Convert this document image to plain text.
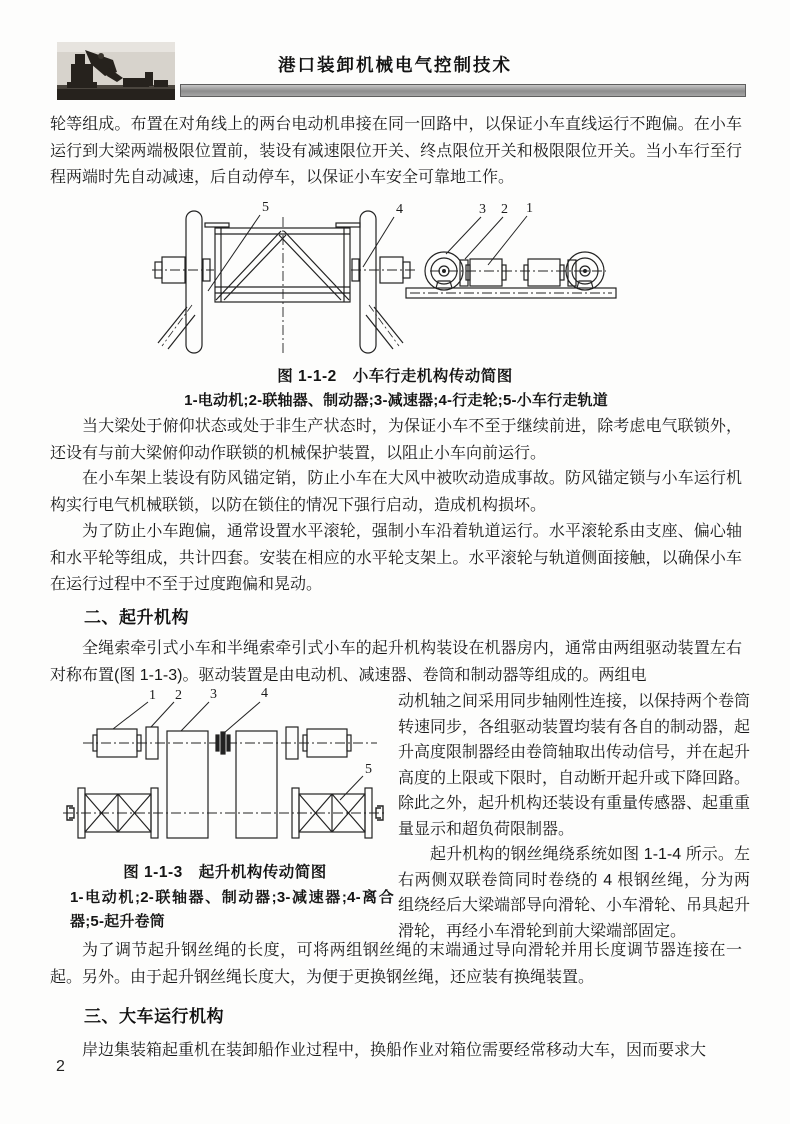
港口装卸机械电气控制技术
轮等组成。布置在对角线上的两台电动机串接在同一回路中，以保证小车直线运行不跑偏。在小车运行到大梁两端极限位置前，装设有减速限位开关、终点限位开关和极限限位开关。当小车行至行程两端时先自动减速，后自动停车，以保证小车安全可靠地工作。
5	4	3 2 1
图 1-1-2　小车行走机构传动简图
1-电动机;2-联轴器、制动器;3-减速器;4-行走轮;5-小车行走轨道
当大梁处于俯仰状态或处于非生产状态时，为保证小车不至于继续前进，除考虑电气联锁外，还设有与前大梁俯仰动作联锁的机械保护装置，以阻止小车向前运行。
在小车架上装设有防风锚定销，防止小车在大风中被吹动造成事故。防风锚定锁与小车运行机构实行电气机械联锁，以防在锁住的情况下强行启动，造成机构损坏。
为了防止小车跑偏，通常设置水平滚轮，强制小车沿着轨道运行。水平滚轮系由支座、偏心轴和水平轮等组成，共计四套。安装在相应的水平轮支架上。水平滚轮与轨道侧面接触，以确保小车在运行过程中不至于过度跑偏和晃动。
二、起升机构
全绳索牵引式小车和半绳索牵引式小车的起升机构装设在机器房内，通常由两组驱动装置左右对称布置(图 1-1-3)。驱动装置是由电动机、减速器、卷筒和制动器等组成的。两组电
1 2 3	4
5
图 1-1-3　起升机构传动简图
1-电动机;2-联轴器、制动器;3-减速器;4-离合器;5-起升卷筒

动机轴之间采用同步轴刚性连接，以保持两个卷筒转速同步，各组驱动装置均装有各自的制动器，起升高度限制器经由卷筒轴取出传动信号，并在起升高度的上限或下限时，自动断开起升或下降回路。除此之外，起升机构还装设有重量传感器、起重重量显示和超负荷限制器。

起升机构的钢丝绳绕系统如图 1-1-4 所示。左右两侧双联卷筒同时卷绕的 4 根钢丝绳，分为两组绕经后大梁端部导向滑轮、小车滑轮、吊具起升滑轮，再经小车滑轮到前大梁端部固定。

为了调节起升钢丝绳的长度，可将两组钢丝绳的末端通过导向滑轮并用长度调节器连接在一起。另外。由于起升钢丝绳长度大，为便于更换钢丝绳，还应装有换绳装置。
三、大车运行机构
岸边集装箱起重机在装卸船作业过程中，换船作业对箱位需要经常移动大车，因而要求大
2
